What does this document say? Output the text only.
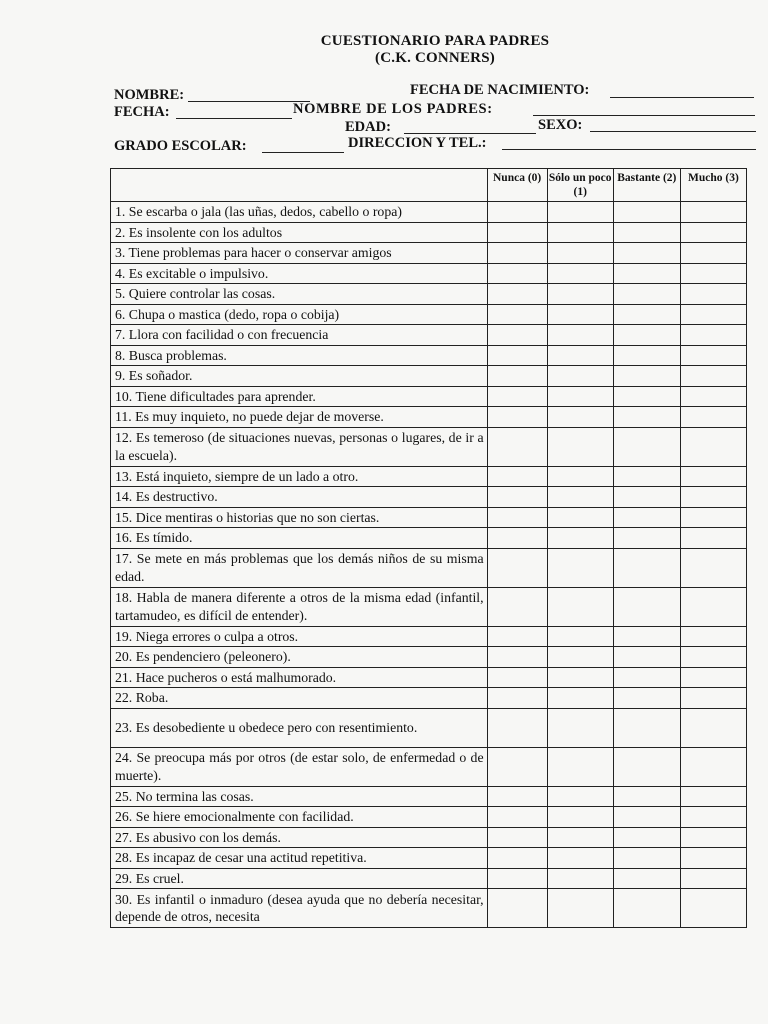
CUESTIONARIO PARA PADRES
(C.K. CONNERS)
NOMBRE:	FECHA DE NACIMIENTO:
FECHA:	NOMBRE DE LOS PADRES:
EDAD:	SEXO:
GRADO ESCOLAR:	DIRECCION Y TEL.:
	Nunca (0)	Sólo un poco (1)	Bastante (2)	Mucho (3)
1. Se escarba o jala (las uñas, dedos, cabello o ropa)				
2. Es insolente con los adultos				
3. Tiene problemas para hacer o conservar amigos				
4. Es excitable o impulsivo.				
5. Quiere controlar las cosas.				
6. Chupa o mastica (dedo, ropa o cobija)				
7. Llora con facilidad o con frecuencia				
8. Busca problemas.				
9. Es soñador.				
10. Tiene dificultades para aprender.				
11. Es muy inquieto, no puede dejar de moverse.				
12. Es temeroso (de situaciones nuevas, personas o lugares, de ir a la escuela).				
13. Está inquieto, siempre de un lado a otro.				
14. Es destructivo.				
15. Dice mentiras o historias que no son ciertas.				
16. Es tímido.				
17. Se mete en más problemas que los demás niños de su misma edad.				
18. Habla de manera diferente a otros de la misma edad (infantil, tartamudeo, es difícil de entender).				
19. Niega errores o culpa a otros.				
20. Es pendenciero (peleonero).				
21. Hace pucheros o está malhumorado.				
22. Roba.				
23. Es desobediente u obedece pero con resentimiento.				
24. Se preocupa más por otros (de estar solo, de enfermedad o de muerte).				
25. No termina las cosas.				
26. Se hiere emocionalmente con facilidad.				
27. Es abusivo con los demás.				
28. Es incapaz de cesar una actitud repetitiva.				
29. Es cruel.				
30. Es infantil o inmaduro (desea ayuda que no debería necesitar, depende de otros, necesita				
